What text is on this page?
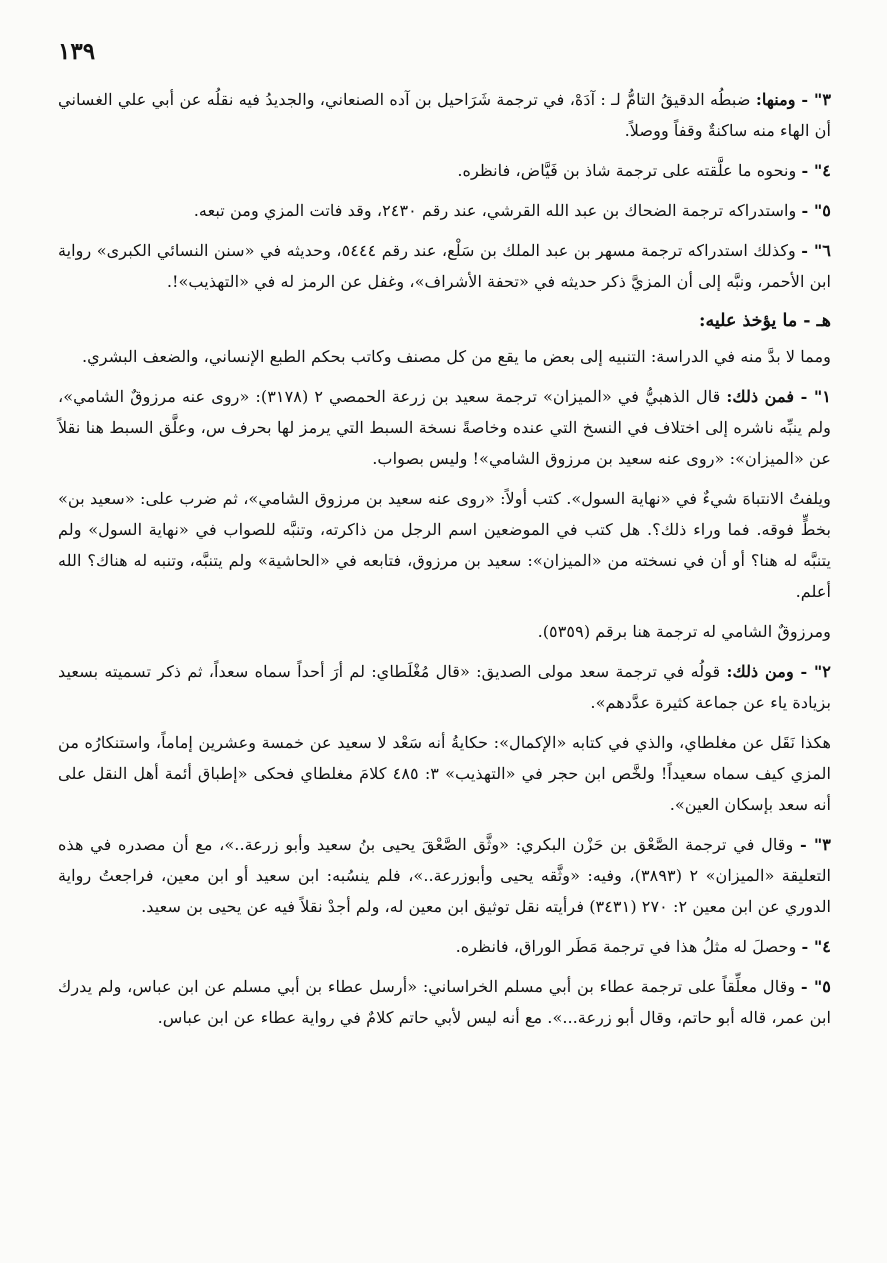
١٣٩

٣" - ومنها: ضبطُه الدقيقُ التامُّ لـ : آدَهْ، في ترجمة شَرَاحيل بن آده الصنعاني، والجديدُ فيه نقلُه عن أبي علي الغساني أن الهاء منه ساكنةٌ وقفاً ووصلاً.

٤" - ونحوه ما علَّقته على ترجمة شاذ بن فَيَّاض، فانظره.

٥" - واستدراكه ترجمة الضحاك بن عبد الله القرشي، عند رقم ٢٤٣٠، وقد فاتت المزي ومن تبعه.

٦" - وكذلك استدراكه ترجمة مسهر بن عبد الملك بن سَلْع، عند رقم ٥٤٤٤، وحديثه في «سنن النسائي الكبرى» رواية ابن الأحمر، ونبَّه إلى أن المزيَّ ذكر حديثه في «تحفة الأشراف»، وغفل عن الرمز له في «التهذيب»!.

هـ - ما يؤخذ عليه:

ومما لا بدَّ منه في الدراسة: التنبيه إلى بعض ما يقع من كل مصنف وكاتب بحكم الطبع الإنساني، والضعف البشري.

١" - فمن ذلك: قال الذهبيُّ في «الميزان» ترجمة سعيد بن زرعة الحمصي ٢ (٣١٧٨): «روى عنه مرزوقٌ الشامي»، ولم ينبِّه ناشره إلى اختلاف في النسخ التي عنده وخاصةً نسخة السبط التي يرمز لها بحرف س، وعلَّق السبط هنا نقلاً عن «الميزان»: «روى عنه سعيد بن مرزوق الشامي»! وليس بصواب.

ويلفتُ الانتباهَ شيءٌ في «نهاية السول». كتب أولاً: «روى عنه سعيد بن مرزوق الشامي»، ثم ضرب على: «سعيد بن» بخطٍّ فوقه. فما وراء ذلك؟. هل كتب في الموضعين اسم الرجل من ذاكرته، وتنبَّه للصواب في «نهاية السول» ولم يتنبَّه له هنا؟ أو أن في نسخته من «الميزان»: سعيد بن مرزوق، فتابعه في «الحاشية» ولم يتنبَّه، وتنبه له هناك؟ الله أعلم.

ومرزوقٌ الشامي له ترجمة هنا برقم (٥٣٥٩).

٢" - ومن ذلك: قولُه في ترجمة سعد مولى الصديق: «قال مُغْلَطاي: لم أرَ أحداً سماه سعداً، ثم ذكر تسميته بسعيد بزيادة ياء عن جماعة كثيرة عدَّدهم».

هكذا نَقَل عن مغلطاي، والذي في كتابه «الإكمال»: حكايةُ أنه سَعْد لا سعيد عن خمسة وعشرين إماماً، واستنكارُه من المزي كيف سماه سعيداً! ولخَّص ابن حجر في «التهذيب» ٣: ٤٨٥ كلامَ مغلطاي فحكى «إطباق أئمة أهل النقل على أنه سعد بإسكان العين».

٣" - وقال في ترجمة الصَّعْق بن حَزْن البكري: «وثَّق الصَّعْقَ يحيى بنُ سعيد وأبو زرعة..»، مع أن مصدره في هذه التعليقة «الميزان» ٢ (٣٨٩٣)، وفيه: «وثَّقه يحيى وأبوزرعة..»، فلم ينسُبه: ابن سعيد أو ابن معين، فراجعتُ رواية الدوري عن ابن معين ٢: ٢٧٠ (٣٤٣١) فرأيته نقل توثيق ابن معين له، ولم أجدْ نقلاً فيه عن يحيى بن سعيد.

٤" - وحصلَ له مثلُ هذا في ترجمة مَطَر الوراق، فانظره.

٥" - وقال معلِّقاً على ترجمة عطاء بن أبي مسلم الخراساني: «أرسل عطاء بن أبي مسلم عن ابن عباس، ولم يدرك ابن عمر، قاله أبو حاتم، وقال أبو زرعة...». مع أنه ليس لأبي حاتم كلامٌ في رواية عطاء عن ابن عباس.
